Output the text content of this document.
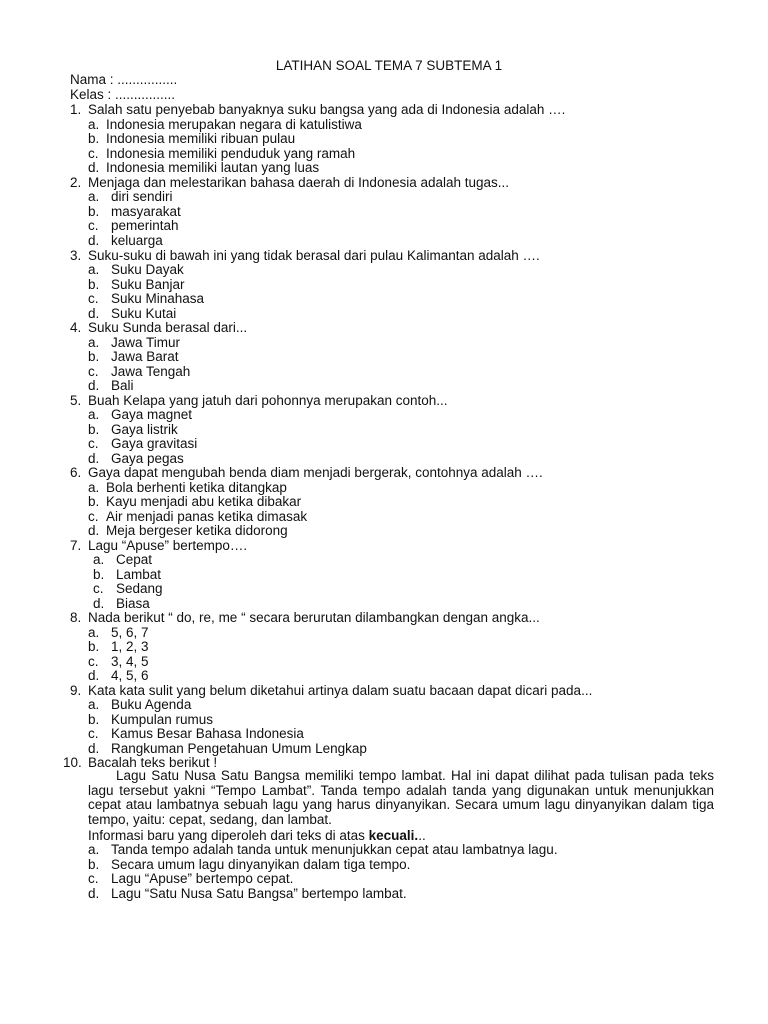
LATIHAN SOAL TEMA 7 SUBTEMA 1
Nama : ................
Kelas : ................
1. Salah satu penyebab banyaknya suku bangsa yang ada di Indonesia adalah ….
a. Indonesia merupakan negara di katulistiwa
b. Indonesia memiliki ribuan pulau
c. Indonesia memiliki penduduk yang ramah
d. Indonesia memiliki lautan yang luas
2. Menjaga dan melestarikan bahasa daerah di Indonesia adalah tugas...
a. diri sendiri
b. masyarakat
c. pemerintah
d. keluarga
3. Suku-suku di bawah ini yang tidak berasal dari pulau Kalimantan adalah ….
a. Suku Dayak
b. Suku Banjar
c. Suku Minahasa
d. Suku Kutai
4. Suku Sunda berasal dari...
a. Jawa Timur
b. Jawa Barat
c. Jawa Tengah
d. Bali
5. Buah Kelapa yang jatuh dari pohonnya merupakan contoh...
a. Gaya magnet
b. Gaya listrik
c. Gaya gravitasi
d. Gaya pegas
6. Gaya dapat mengubah benda diam menjadi bergerak, contohnya adalah ….
a. Bola berhenti ketika ditangkap
b. Kayu menjadi abu ketika dibakar
c. Air menjadi panas ketika dimasak
d. Meja bergeser ketika didorong
7. Lagu “Apuse” bertempo….
a. Cepat
b. Lambat
c. Sedang
d. Biasa
8. Nada berikut “ do, re, me “ secara berurutan dilambangkan dengan angka...
a. 5, 6, 7
b. 1, 2, 3
c. 3, 4, 5
d. 4, 5, 6
9. Kata kata sulit yang belum diketahui artinya dalam suatu bacaan dapat dicari pada...
a. Buku Agenda
b. Kumpulan rumus
c. Kamus Besar Bahasa Indonesia
d. Rangkuman Pengetahuan Umum Lengkap
10. Bacalah teks berikut !
Lagu Satu Nusa Satu Bangsa memiliki tempo lambat. Hal ini dapat dilihat pada tulisan pada teks lagu tersebut yakni “Tempo Lambat”. Tanda tempo adalah tanda yang digunakan untuk menunjukkan cepat atau lambatnya sebuah lagu yang harus dinyanyikan. Secara umum lagu dinyanyikan dalam tiga tempo, yaitu: cepat, sedang, dan lambat.
Informasi baru yang diperoleh dari teks di atas kecuali...
a. Tanda tempo adalah tanda untuk menunjukkan cepat atau lambatnya lagu.
b. Secara umum lagu dinyanyikan dalam tiga tempo.
c. Lagu “Apuse” bertempo cepat.
d. Lagu “Satu Nusa Satu Bangsa” bertempo lambat.
